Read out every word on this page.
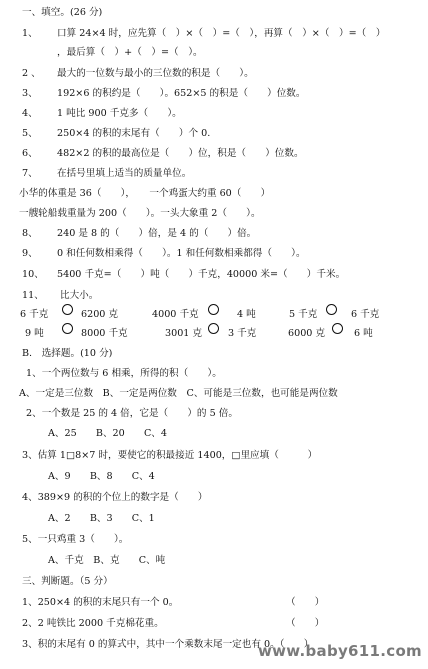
一、填空。(26 分)
1、 口算 24×4 时，应先算（　）×（　）=（　），再算（　）×（　）=（　）
，最后算（　）+（　）=（　）。
2 、 最大的一位数与最小的三位数的积是（　　）。
3、 192×6 的积约是（　　）。652×5 的积是（　　）位数。
4、 1 吨比 900 千克多（　　）。
5、 250×4 的积的末尾有（　　）个 0.
6、 482×2 的积的最高位是（　　）位，积是（　　）位数。
7、 在括号里填上适当的质量单位。
小华的体重是 36（　　），　　一个鸡蛋大约重 60（　　）
一艘轮船载重量为 200（　　）。一头大象重 2（　　）。
8、 240 是 8 的（　　）倍，是 4 的（　　）倍。
9、 0 和任何数相乘得（　　）。1 和任何数相乘都得（　　）。
10、 5400 千克=（　　）吨（　　）千克，40000 米=（　　）千米。
11、 比大小。
6 千克	6200 克	4000 千克	4 吨	5 千克	6 千克
9 吨	8000 千克	3001 克	3 千克	6000 克	6 吨
B.　选择题。(10 分)
1、一个两位数与 6 相乘，所得的积（　　）。
A、一定是三位数　B、一定是两位数　C、可能是三位数，也可能是两位数
2、一个数是 25 的 4 倍，它是（　　）的 5 倍。
A、25　　B、20　　C、4
3、估算 1□8×7 时，要使它的积最接近 1400，□里应填（　　　）
A、9　　B、8　　C、4
4、389×9 的积的个位上的数字是（　　）
A、2　　B、3　　C、1
5、一只鸡重 3（　　）。
A、千克　B、克　　C、吨
三、判断题。（5 分）
1、250×4 的积的末尾只有一个 0。	（　　）
2、2 吨铁比 2000 千克棉花重。	（　　）
3、积的末尾有 0 的算式中，其中一个乘数末尾一定也有 0。（　　）
www.baby611.com
